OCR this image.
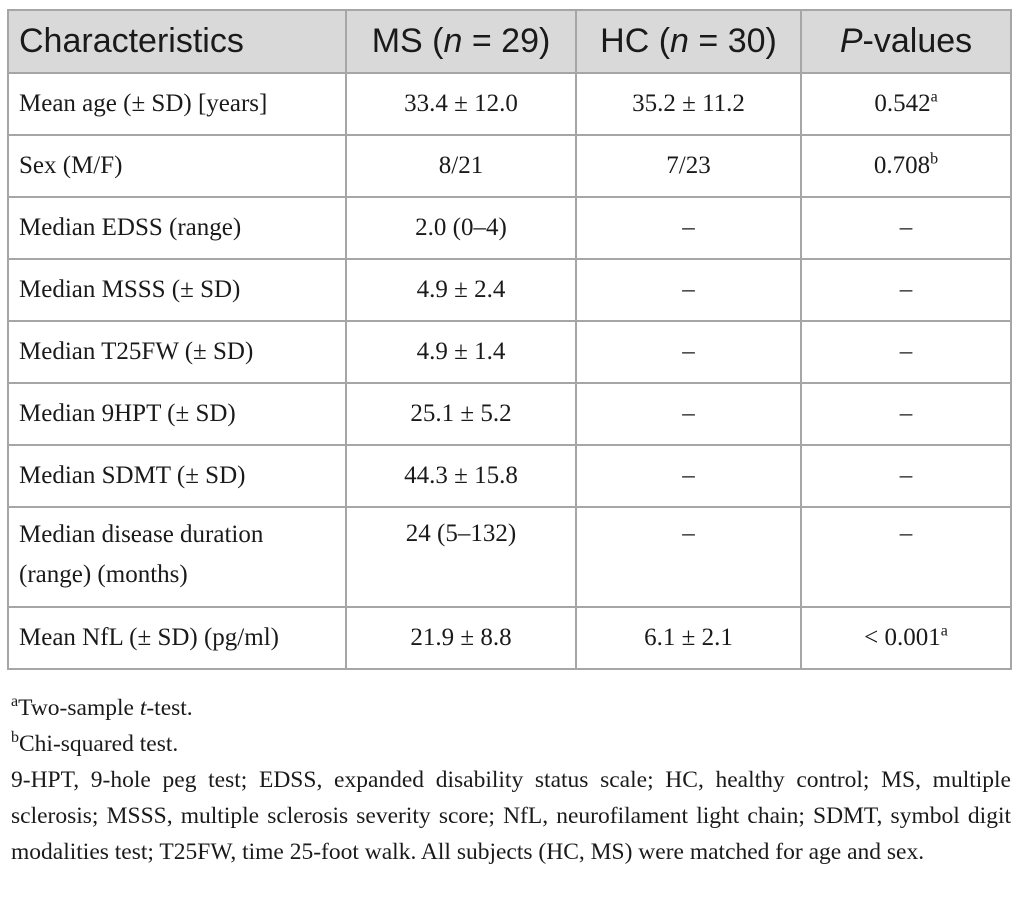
Characteristics	MS (n = 29)	HC (n = 30)	P-values
Mean age (± SD) [years]	33.4 ± 12.0	35.2 ± 11.2	0.542$^a$
Sex (M/F)	8/21	7/23	0.708$^b$
Median EDSS (range)	2.0 (0–4)	–	–
Median MSSS (± SD)	4.9 ± 2.4	–	–
Median T25FW (± SD)	4.9 ± 1.4	–	–
Median 9HPT (± SD)	25.1 ± 5.2	–	–
Median SDMT (± SD)	44.3 ± 15.8	–	–
Median disease duration
(range) (months)	24 (5–132)	–	–
Mean NfL (± SD) (pg/ml)	21.9 ± 8.8	6.1 ± 2.1	< 0.001$^a$

$^a$Two-sample t-test.

$^b$Chi-squared test.

9-HPT, 9-hole peg test; EDSS, expanded disability status scale; HC, healthy control; MS, multiple sclerosis; MSSS, multiple sclerosis severity score; NfL, neurofilament light chain; SDMT, symbol digit modalities test; T25FW, time 25-foot walk. All subjects (HC, MS) were matched for age and sex.
